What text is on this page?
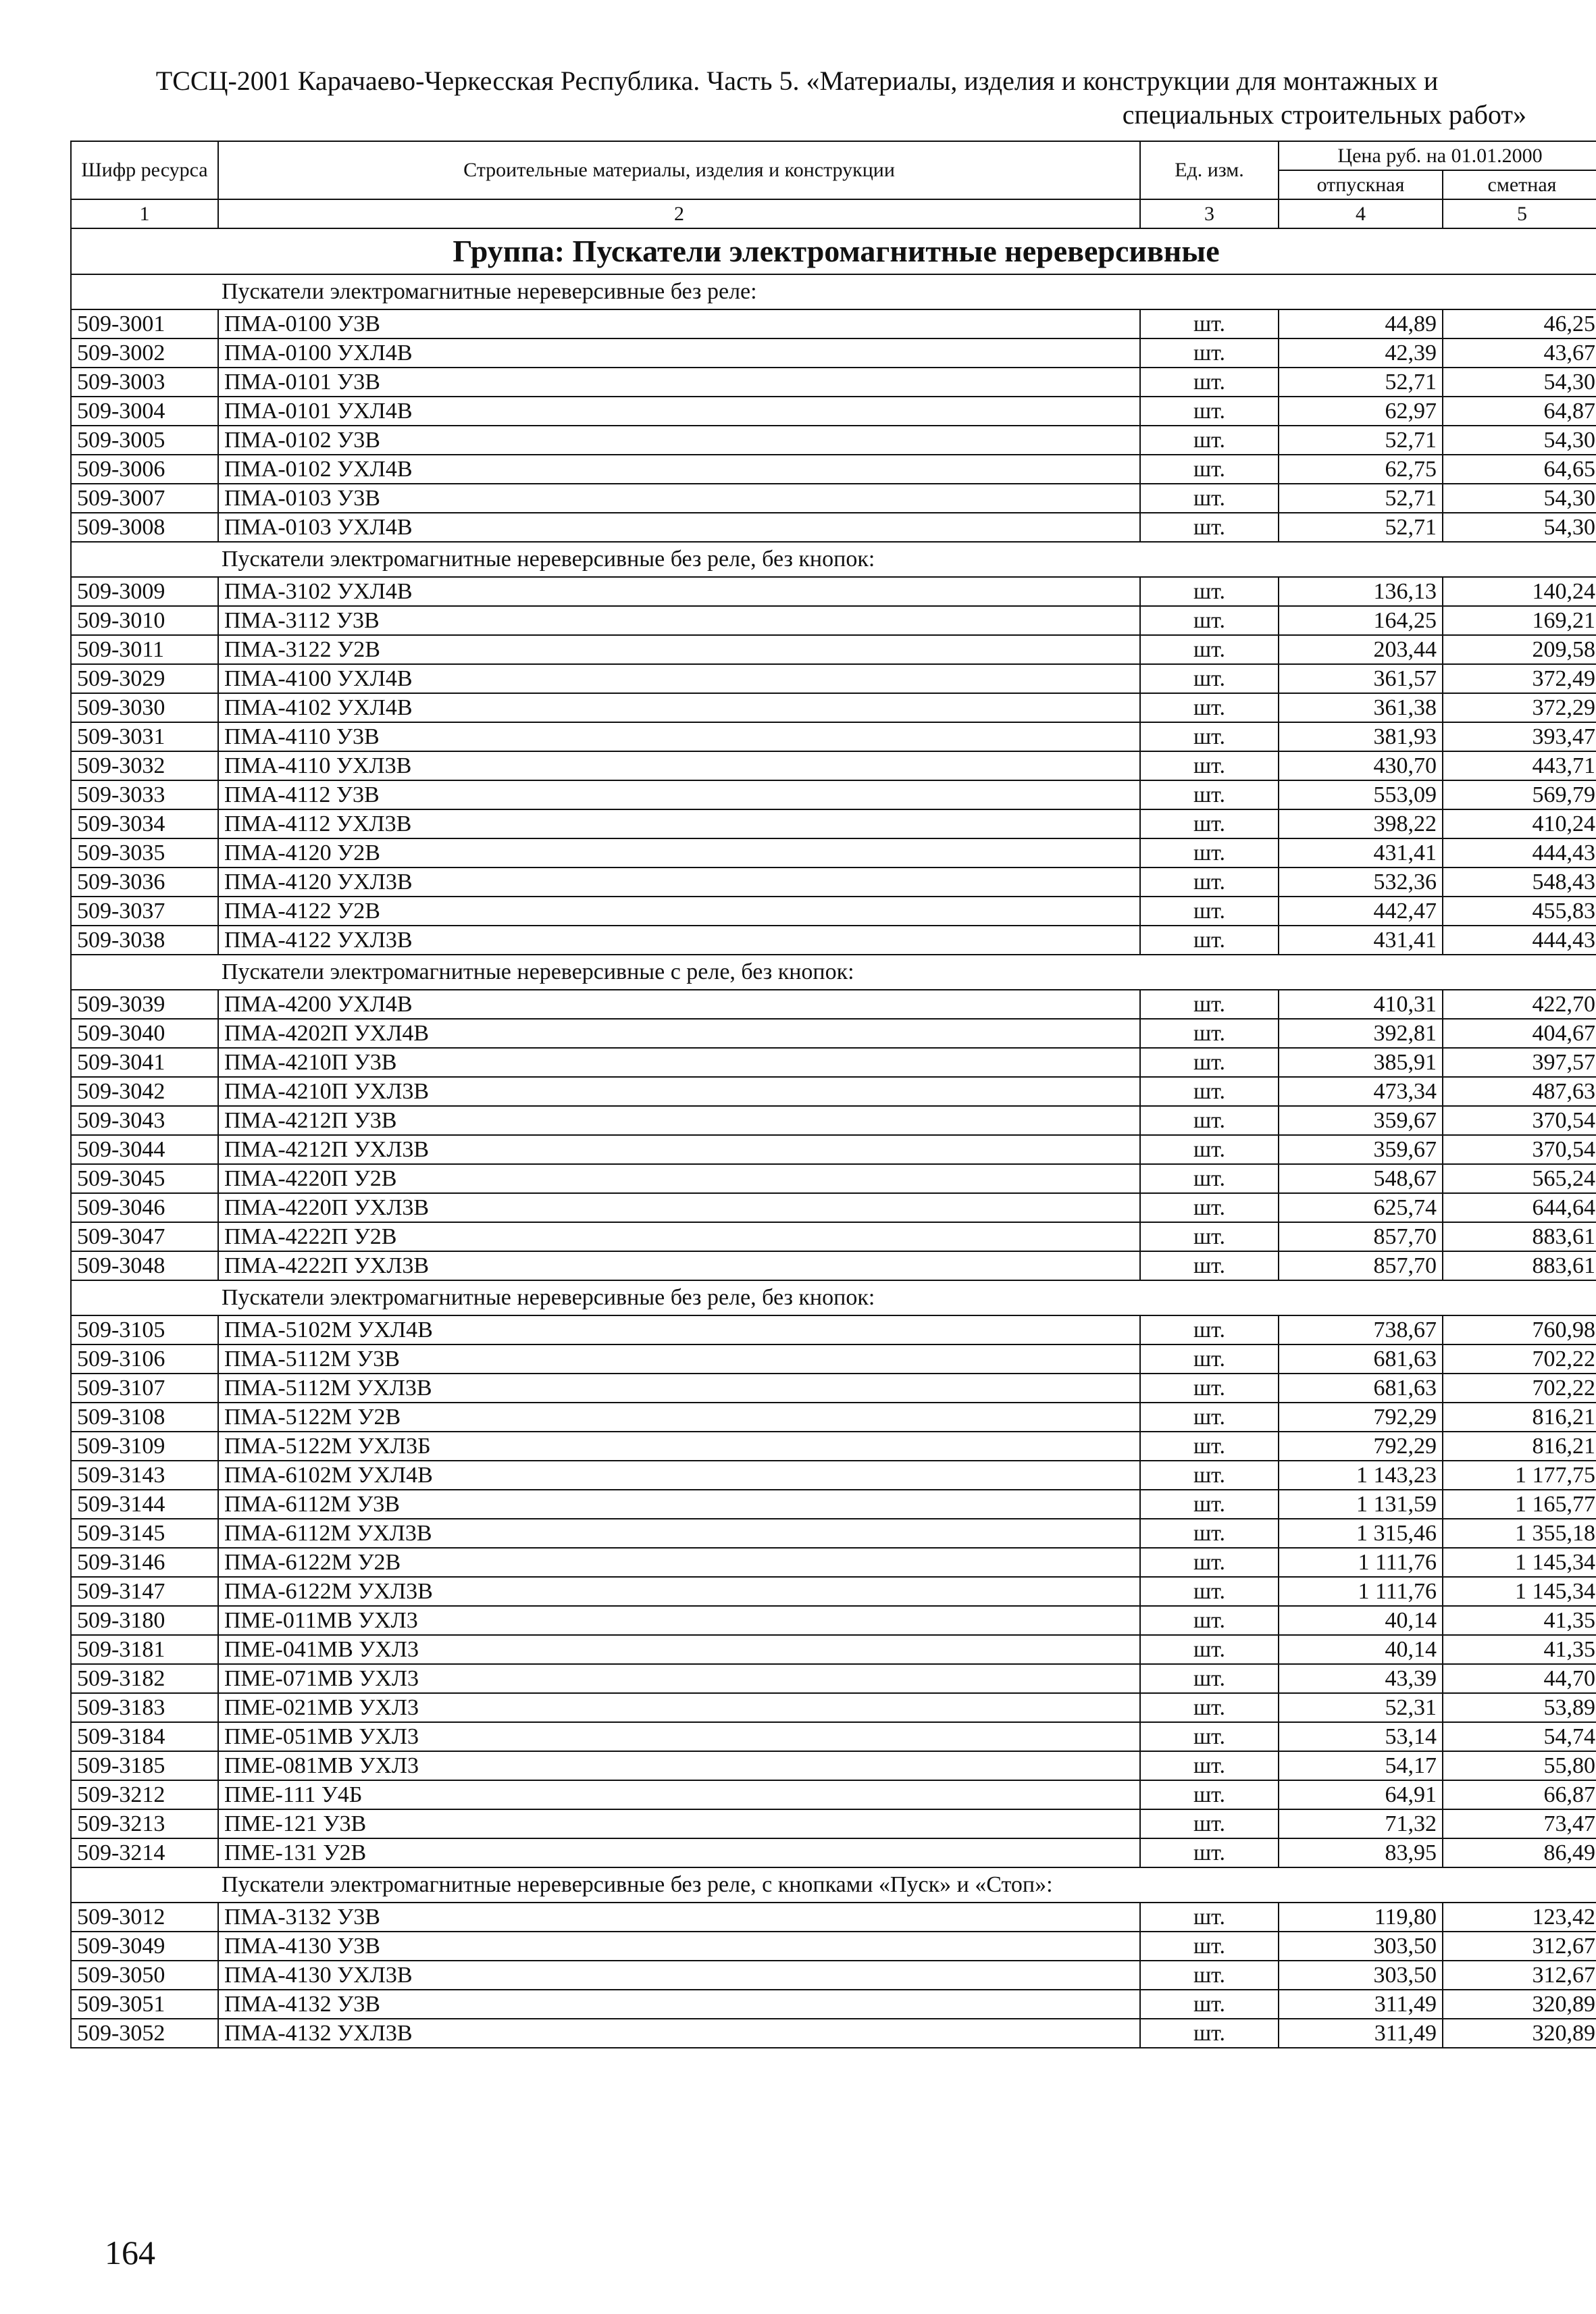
ТССЦ-2001 Карачаево-Черкесская Республика. Часть 5. «Материалы, изделия и конструкции для монтажных и
специальных строительных работ»
Шифр ресурса	Строительные материалы, изделия и конструкции	Ед. изм.	Цена руб. на 01.01.2000	
			отпускная	сметная
1	2	3	4	5
Группа: Пускатели электромагнитные нереверсивные				
Пускатели электромагнитные нереверсивные без реле:				
509-3001	ПМА-0100 У3В	шт.	44,89	46,25
509-3002	ПМА-0100 УХЛ4В	шт.	42,39	43,67
509-3003	ПМА-0101 У3В	шт.	52,71	54,30
509-3004	ПМА-0101 УХЛ4В	шт.	62,97	64,87
509-3005	ПМА-0102 У3В	шт.	52,71	54,30
509-3006	ПМА-0102 УХЛ4В	шт.	62,75	64,65
509-3007	ПМА-0103 У3В	шт.	52,71	54,30
509-3008	ПМА-0103 УХЛ4В	шт.	52,71	54,30
Пускатели электромагнитные нереверсивные без реле, без кнопок:				
509-3009	ПМА-3102 УХЛ4В	шт.	136,13	140,24
509-3010	ПМА-3112 У3В	шт.	164,25	169,21
509-3011	ПМА-3122 У2В	шт.	203,44	209,58
509-3029	ПМА-4100 УХЛ4В	шт.	361,57	372,49
509-3030	ПМА-4102 УХЛ4В	шт.	361,38	372,29
509-3031	ПМА-4110 У3В	шт.	381,93	393,47
509-3032	ПМА-4110 УХЛ3В	шт.	430,70	443,71
509-3033	ПМА-4112 У3В	шт.	553,09	569,79
509-3034	ПМА-4112 УХЛ3В	шт.	398,22	410,24
509-3035	ПМА-4120 У2В	шт.	431,41	444,43
509-3036	ПМА-4120 УХЛ3В	шт.	532,36	548,43
509-3037	ПМА-4122 У2В	шт.	442,47	455,83
509-3038	ПМА-4122 УХЛ3В	шт.	431,41	444,43
Пускатели электромагнитные нереверсивные с реле, без кнопок:				
509-3039	ПМА-4200 УХЛ4В	шт.	410,31	422,70
509-3040	ПМА-4202П УХЛ4В	шт.	392,81	404,67
509-3041	ПМА-4210П У3В	шт.	385,91	397,57
509-3042	ПМА-4210П УХЛ3В	шт.	473,34	487,63
509-3043	ПМА-4212П У3В	шт.	359,67	370,54
509-3044	ПМА-4212П УХЛ3В	шт.	359,67	370,54
509-3045	ПМА-4220П У2В	шт.	548,67	565,24
509-3046	ПМА-4220П УХЛ3В	шт.	625,74	644,64
509-3047	ПМА-4222П У2В	шт.	857,70	883,61
509-3048	ПМА-4222П УХЛ3В	шт.	857,70	883,61
Пускатели электромагнитные нереверсивные без реле, без кнопок:				
509-3105	ПМА-5102М УХЛ4В	шт.	738,67	760,98
509-3106	ПМА-5112М У3В	шт.	681,63	702,22
509-3107	ПМА-5112М УХЛ3В	шт.	681,63	702,22
509-3108	ПМА-5122М У2В	шт.	792,29	816,21
509-3109	ПМА-5122М УХЛ3Б	шт.	792,29	816,21
509-3143	ПМА-6102М УХЛ4В	шт.	1 143,23	1 177,75
509-3144	ПМА-6112М У3В	шт.	1 131,59	1 165,77
509-3145	ПМА-6112М УХЛ3В	шт.	1 315,46	1 355,18
509-3146	ПМА-6122М У2В	шт.	1 111,76	1 145,34
509-3147	ПМА-6122М УХЛ3В	шт.	1 111,76	1 145,34
509-3180	ПМЕ-011МВ УХЛ3	шт.	40,14	41,35
509-3181	ПМЕ-041МВ УХЛ3	шт.	40,14	41,35
509-3182	ПМЕ-071МВ УХЛ3	шт.	43,39	44,70
509-3183	ПМЕ-021МВ УХЛ3	шт.	52,31	53,89
509-3184	ПМЕ-051МВ УХЛ3	шт.	53,14	54,74
509-3185	ПМЕ-081МВ УХЛ3	шт.	54,17	55,80
509-3212	ПМЕ-111 У4Б	шт.	64,91	66,87
509-3213	ПМЕ-121 У3В	шт.	71,32	73,47
509-3214	ПМЕ-131 У2В	шт.	83,95	86,49
Пускатели электромагнитные нереверсивные без реле, с кнопками «Пуск» и «Стоп»:				
509-3012	ПМА-3132 У3В	шт.	119,80	123,42
509-3049	ПМА-4130 У3В	шт.	303,50	312,67
509-3050	ПМА-4130 УХЛ3В	шт.	303,50	312,67
509-3051	ПМА-4132 У3В	шт.	311,49	320,89
509-3052	ПМА-4132 УХЛ3В	шт.	311,49	320,89
164
